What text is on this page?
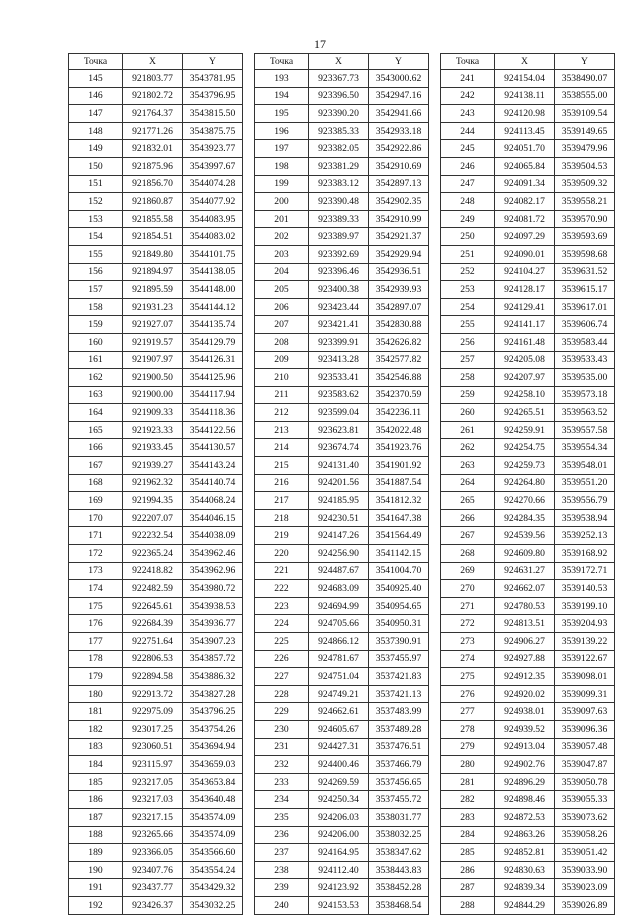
17
Точка	X	Y
145	921803.77	3543781.95
146	921802.72	3543796.95
147	921764.37	3543815.50
148	921771.26	3543875.75
149	921832.01	3543923.77
150	921875.96	3543997.67
151	921856.70	3544074.28
152	921860.87	3544077.92
153	921855.58	3544083.95
154	921854.51	3544083.02
155	921849.80	3544101.75
156	921894.97	3544138.05
157	921895.59	3544148.00
158	921931.23	3544144.12
159	921927.07	3544135.74
160	921919.57	3544129.79
161	921907.97	3544126.31
162	921900.50	3544125.96
163	921900.00	3544117.94
164	921909.33	3544118.36
165	921923.33	3544122.56
166	921933.45	3544130.57
167	921939.27	3544143.24
168	921962.32	3544140.74
169	921994.35	3544068.24
170	922207.07	3544046.15
171	922232.54	3544038.09
172	922365.24	3543962.46
173	922418.82	3543962.96
174	922482.59	3543980.72
175	922645.61	3543938.53
176	922684.39	3543936.77
177	922751.64	3543907.23
178	922806.53	3543857.72
179	922894.58	3543886.32
180	922913.72	3543827.28
181	922975.09	3543796.25
182	923017.25	3543754.26
183	923060.51	3543694.94
184	923115.97	3543659.03
185	923217.05	3543653.84
186	923217.03	3543640.48
187	923217.15	3543574.09
188	923265.66	3543574.09
189	923366.05	3543566.60
190	923407.76	3543554.24
191	923437.77	3543429.32
192	923426.37	3543032.25
Точка	X	Y
193	923367.73	3543000.62
194	923396.50	3542947.16
195	923390.20	3542941.66
196	923385.33	3542933.18
197	923382.05	3542922.86
198	923381.29	3542910.69
199	923383.12	3542897.13
200	923390.48	3542902.35
201	923389.33	3542910.99
202	923389.97	3542921.37
203	923392.69	3542929.94
204	923396.46	3542936.51
205	923400.38	3542939.93
206	923423.44	3542897.07
207	923421.41	3542830.88
208	923399.91	3542626.82
209	923413.28	3542577.82
210	923533.41	3542546.88
211	923583.62	3542370.59
212	923599.04	3542236.11
213	923623.81	3542022.48
214	923674.74	3541923.76
215	924131.40	3541901.92
216	924201.56	3541887.54
217	924185.95	3541812.32
218	924230.51	3541647.38
219	924147.26	3541564.49
220	924256.90	3541142.15
221	924487.67	3541004.70
222	924683.09	3540925.40
223	924694.99	3540954.65
224	924705.66	3540950.31
225	924866.12	3537390.91
226	924781.67	3537455.97
227	924751.04	3537421.83
228	924749.21	3537421.13
229	924662.61	3537483.99
230	924605.67	3537489.28
231	924427.31	3537476.51
232	924400.46	3537466.79
233	924269.59	3537456.65
234	924250.34	3537455.72
235	924206.03	3538031.77
236	924206.00	3538032.25
237	924164.95	3538347.62
238	924112.40	3538443.83
239	924123.92	3538452.28
240	924153.53	3538468.54
Точка	X	Y
241	924154.04	3538490.07
242	924138.11	3538555.00
243	924120.98	3539109.54
244	924113.45	3539149.65
245	924051.70	3539479.96
246	924065.84	3539504.53
247	924091.34	3539509.32
248	924082.17	3539558.21
249	924081.72	3539570.90
250	924097.29	3539593.69
251	924090.01	3539598.68
252	924104.27	3539631.52
253	924128.17	3539615.17
254	924129.41	3539617.01
255	924141.17	3539606.74
256	924161.48	3539583.44
257	924205.08	3539533.43
258	924207.97	3539535.00
259	924258.10	3539573.18
260	924265.51	3539563.52
261	924259.91	3539557.58
262	924254.75	3539554.34
263	924259.73	3539548.01
264	924264.80	3539551.20
265	924270.66	3539556.79
266	924284.35	3539538.94
267	924539.56	3539252.13
268	924609.80	3539168.92
269	924631.27	3539172.71
270	924662.07	3539140.53
271	924780.53	3539199.10
272	924813.51	3539204.93
273	924906.27	3539139.22
274	924927.88	3539122.67
275	924912.35	3539098.01
276	924920.02	3539099.31
277	924938.01	3539097.63
278	924939.52	3539096.36
279	924913.04	3539057.48
280	924902.76	3539047.87
281	924896.29	3539050.78
282	924898.46	3539055.33
283	924872.53	3539073.62
284	924863.26	3539058.26
285	924852.81	3539051.42
286	924830.63	3539033.90
287	924839.34	3539023.09
288	924844.29	3539026.89
